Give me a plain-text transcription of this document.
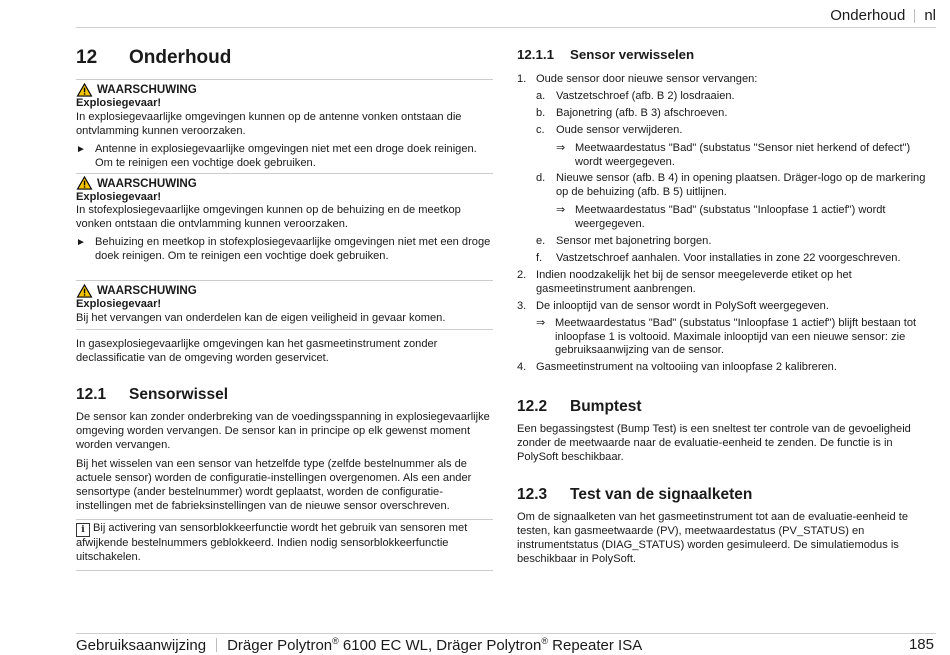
Onderhoud nl
12	Onderhoud
WAARSCHUWING

Explosiegevaar!

In explosiegevaarlijke omgevingen kunnen op de antenne vonken ontstaan die ontvlamming kunnen veroorzaken.

► Antenne in explosiegevaarlijke omgevingen niet met een droge doek reinigen. Om te reinigen een vochtige doek gebruiken.
WAARSCHUWING

Explosiegevaar!

In stofexplosiegevaarlijke omgevingen kunnen op de behuizing en de meetkop vonken ontstaan die ontvlamming kunnen veroorzaken.

► Behuizing en meetkop in stofexplosiegevaarlijke omgevingen niet met een droge doek reinigen. Om te reinigen een vochtige doek gebruiken.
WAARSCHUWING

Explosiegevaar!

Bij het vervangen van onderdelen kan de eigen veiligheid in gevaar komen.

In gasexplosiegevaarlijke omgevingen kan het gasmeetinstrument zonder declassificatie van de omgeving worden geservicet.

12.1	Sensorwissel

De sensor kan zonder onderbreking van de voedingsspanning in explosiegevaarlijke omgeving worden vervangen. De sensor kan in principe op elk gewenst moment worden vervangen.

Bij het wisselen van een sensor van hetzelfde type (zelfde bestelnummer als de actuele sensor) worden de configuratie-instellingen overgenomen. Als een ander sensortype (ander bestelnummer) wordt geplaatst, worden de configuratie-instellingen met de fabrieksinstellingen van de nieuwe sensor overschreven.

i Bij activering van sensorblokkeerfunctie wordt het gebruik van sensoren met afwijkende bestelnummers geblokkeerd. Indien nodig sensorblokkeerfunctie uitschakelen.
12.1.1	Sensor verwisselen
1. Oude sensor door nieuwe sensor vervangen:
a. Vastzetschroef (afb. B 2) losdraaien.
b. Bajonetring (afb. B 3) afschroeven.
c.	Oude sensor verwijderen.
⇒ Meetwaardestatus "Bad" (substatus "Sensor niet herkend of defect") wordt weergegeven.
d. Nieuwe sensor (afb. B 4) in opening plaatsen. Dräger-logo op de markering op de behuizing (afb. B 5) uitlijnen.
⇒ Meetwaardestatus "Bad" (substatus "Inloopfase 1 actief") wordt weergegeven.
e. Sensor met bajonetring borgen.
f.	Vastzetschroef aanhalen. Voor installaties in zone 22 voorgeschreven.
2. Indien noodzakelijk het bij de sensor meegeleverde etiket op het gasmeetinstrument aanbrengen.
3. De inlooptijd van de sensor wordt in PolySoft weergegeven.
⇒ Meetwaardestatus "Bad" (substatus "Inloopfase 1 actief") blijft bestaan tot inloopfase 1 is voltooid. Maximale inlooptijd van een nieuwe sensor: zie gebruiksaanwijzing van de sensor.
4. Gasmeetinstrument na voltooiing van inloopfase 2 kalibreren.
12.2	Bumptest

Een begassingstest (Bump Test) is een sneltest ter controle van de gevoeligheid zonder de meetwaarde naar de evaluatie-eenheid te zenden. De functie is in PolySoft beschikbaar.

12.3	Test van de signaalketen

Om de signaalketen van het gasmeetinstrument tot aan de evaluatie-eenheid te testen, kan gasmeetwaarde (PV), meetwaardestatus (PV_STATUS) en instrumentstatus (DIAG_STATUS) worden gesimuleerd. De simulatiemodus is beschikbaar in PolySoft.

Gebruiksaanwijzing Dräger Polytron® 6100 EC WL, Dräger Polytron® Repeater ISA	185
